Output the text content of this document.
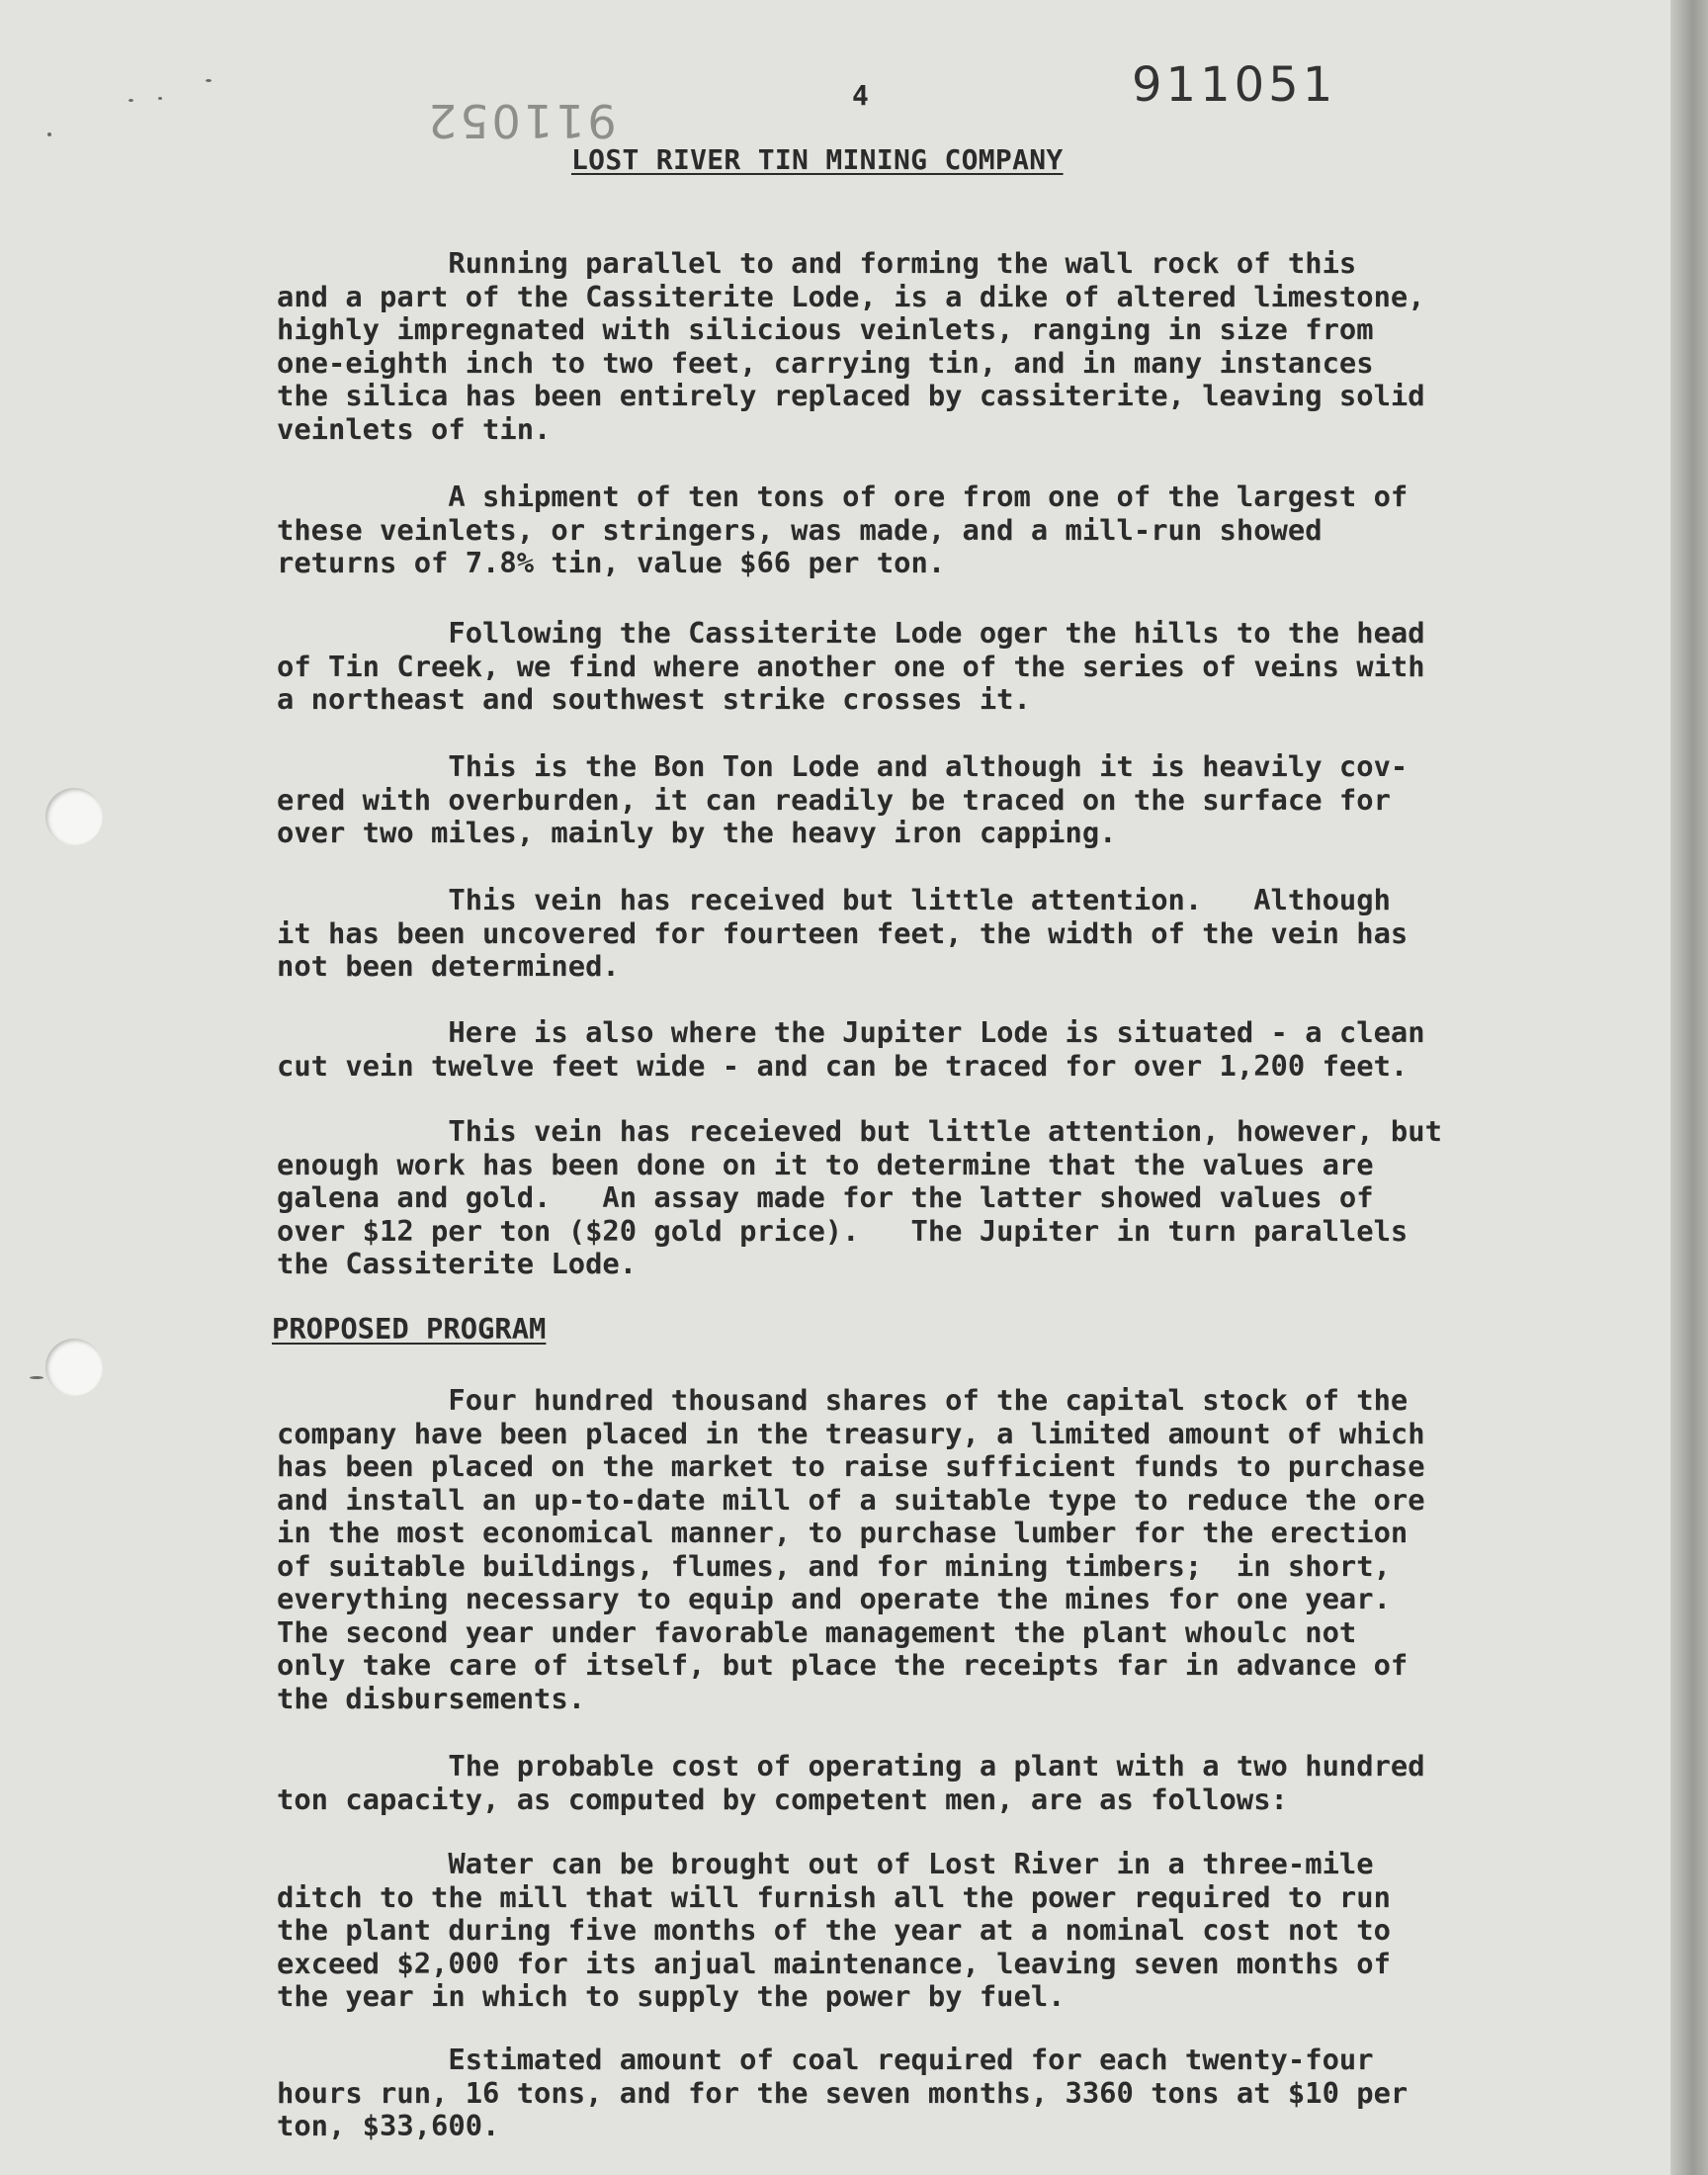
911052	4	911051
LOST RIVER TIN MINING COMPANY
Running parallel to and forming the wall rock of this
and a part of the Cassiterite Lode, is a dike of altered limestone,
highly impregnated with silicious veinlets, ranging in size from
one-eighth inch to two feet, carrying tin, and in many instances
the silica has been entirely replaced by cassiterite, leaving solid
veinlets of tin.
A shipment of ten tons of ore from one of the largest of
these veinlets, or stringers, was made, and a mill-run showed
returns of 7.8% tin, value $66 per ton.
Following the Cassiterite Lode oger the hills to the head
of Tin Creek, we find where another one of the series of veins with
a northeast and southwest strike crosses it.
This is the Bon Ton Lode and although it is heavily cov-
ered with overburden, it can readily be traced on the surface for
over two miles, mainly by the heavy iron capping.
This vein has received but little attention.   Although
it has been uncovered for fourteen feet, the width of the vein has
not been determined.
Here is also where the Jupiter Lode is situated - a clean
cut vein twelve feet wide - and can be traced for over 1,200 feet.
This vein has receieved but little attention, however, but
enough work has been done on it to determine that the values are
galena and gold.   An assay made for the latter showed values of
over $12 per ton ($20 gold price).   The Jupiter in turn parallels
the Cassiterite Lode.
PROPOSED PROGRAM
Four hundred thousand shares of the capital stock of the
company have been placed in the treasury, a limited amount of which
has been placed on the market to raise sufficient funds to purchase
and install an up-to-date mill of a suitable type to reduce the ore
in the most economical manner, to purchase lumber for the erection
of suitable buildings, flumes, and for mining timbers;  in short,
everything necessary to equip and operate the mines for one year.
The second year under favorable management the plant whoulc not
only take care of itself, but place the receipts far in advance of
the disbursements.
The probable cost of operating a plant with a two hundred
ton capacity, as computed by competent men, are as follows:
Water can be brought out of Lost River in a three-mile
ditch to the mill that will furnish all the power required to run
the plant during five months of the year at a nominal cost not to
exceed $2,000 for its anjual maintenance, leaving seven months of
the year in which to supply the power by fuel.
Estimated amount of coal required for each twenty-four
hours run, 16 tons, and for the seven months, 3360 tons at $10 per
ton, $33,600.
